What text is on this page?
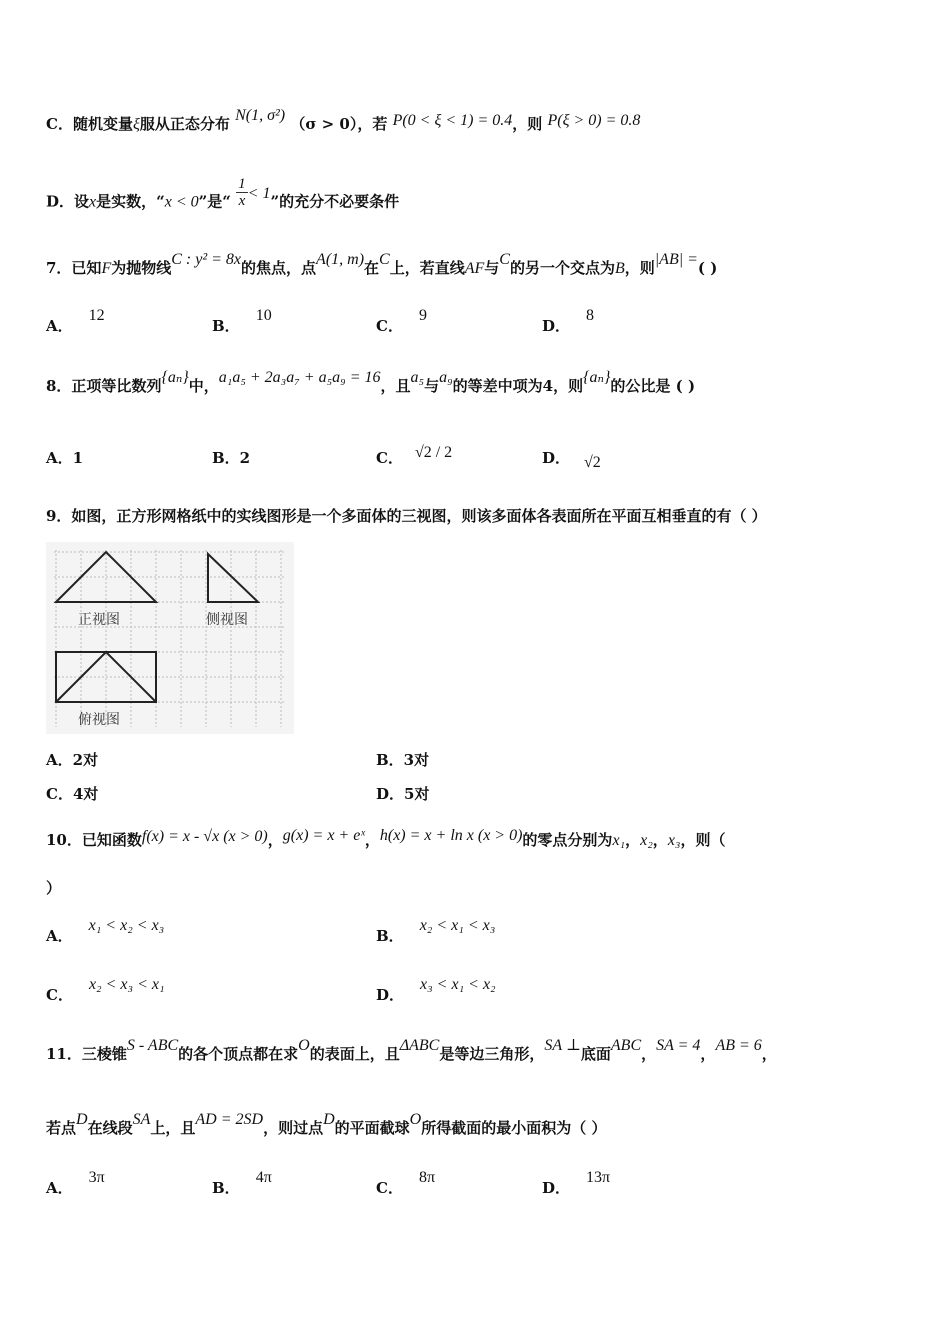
C．随机变量ξ服从正态分布 N(1, σ²) （σ > 0），若 P(0 < ξ < 1) = 0.4，则 P(ξ > 0) = 0.8
D．设x是实数，“x < 0”是“ $\frac{1}{x} < 1$”的充分不必要条件
7．已知F为抛物线C : y² = 8x的焦点，点A(1, m)在C上，若直线AF与C的另一个交点为B，则|AB| =( )
A．12
B．10
C．9
D．8
8．正项等比数列{aₙ}中，a₁a₅ + 2a₃a₇ + a₅a₉ = 16，且a₅与a₉的等差中项为4，则{aₙ}的公比是 ( )
A．1	B．2	C． √2 / 2	D． √2
9．如图，正方形网格纸中的实线图形是一个多面体的三视图，则该多面体各表面所在平面互相垂直的有（ ）
正视图	侧视图
俯视图
A．2对	B．3对
C．4对	D．5对
10．已知函数f(x) = x - √x (x > 0)，g(x) = x + eˣ，h(x) = x + ln x (x > 0)的零点分别为x₁，x₂，x₃，则（
）
A．x₁ < x₂ < x₃
B．x₂ < x₁ < x₃
C．x₂ < x₃ < x₁
D．x₃ < x₁ < x₂
11．三棱锥S - ABC的各个顶点都在求O的表面上，且ΔABC是等边三角形，SA ⊥底面ABC，SA = 4，AB = 6，
若点D在线段SA上，且AD = 2SD，则过点D的平面截球O所得截面的最小面积为（ ）
A．3π
B．4π
C．8π
D．13π
